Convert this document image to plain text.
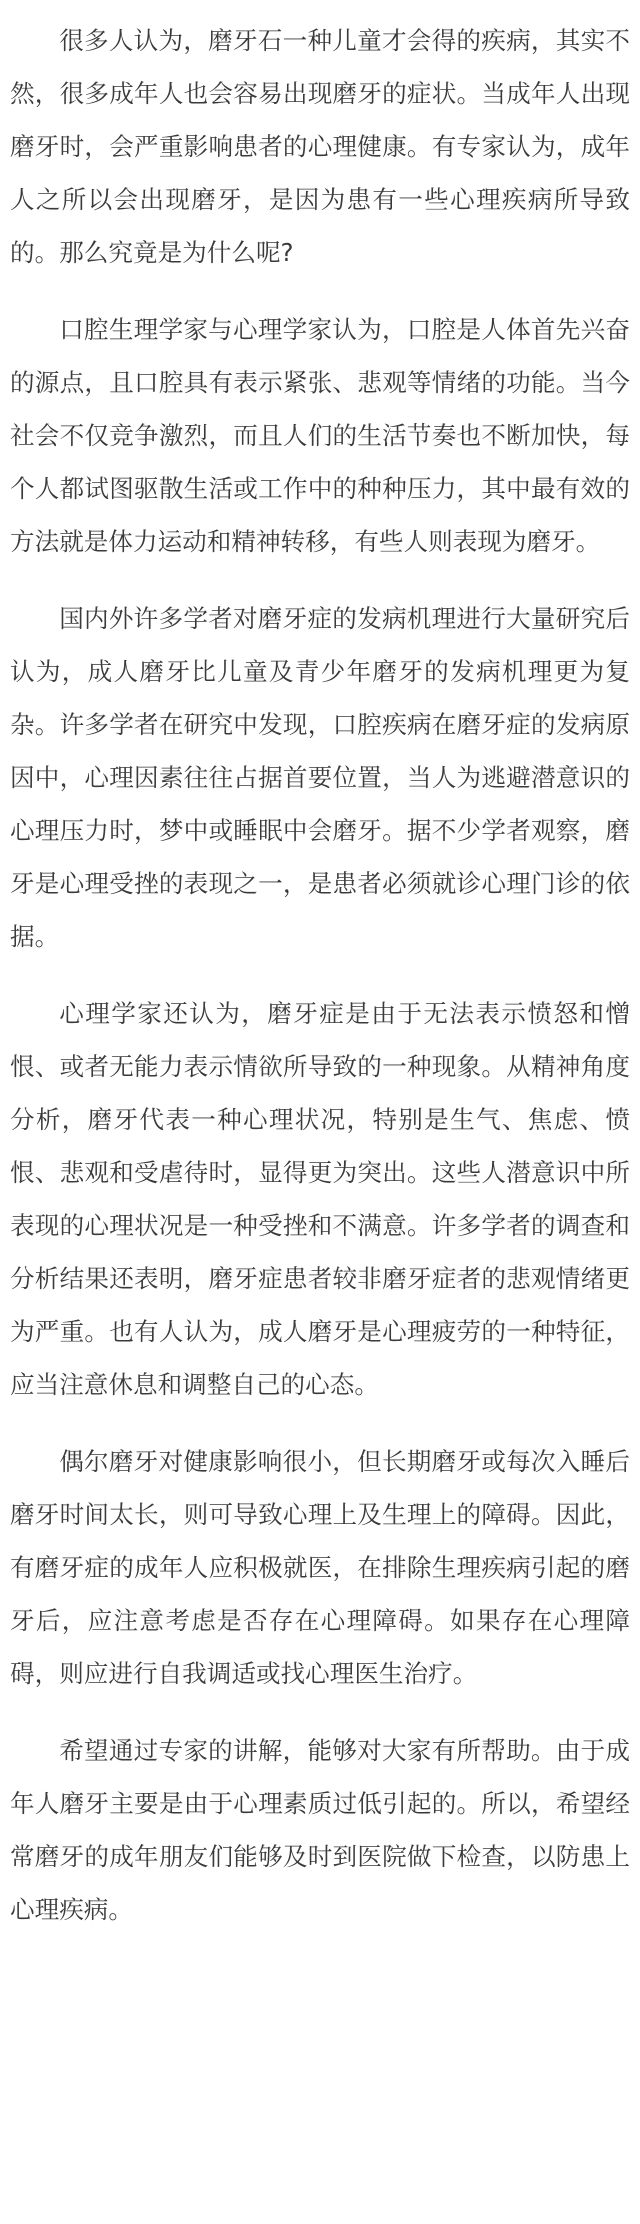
很多人认为，磨牙石一种儿童才会得的疾病，其实不然，很多成年人也会容易出现磨牙的症状。当成年人出现磨牙时，会严重影响患者的心理健康。有专家认为，成年人之所以会出现磨牙，是因为患有一些心理疾病所导致的。那么究竟是为什么呢?

口腔生理学家与心理学家认为，口腔是人体首先兴奋的源点，且口腔具有表示紧张、悲观等情绪的功能。当今社会不仅竞争激烈，而且人们的生活节奏也不断加快，每个人都试图驱散生活或工作中的种种压力，其中最有效的方法就是体力运动和精神转移，有些人则表现为磨牙。

国内外许多学者对磨牙症的发病机理进行大量研究后认为，成人磨牙比儿童及青少年磨牙的发病机理更为复杂。许多学者在研究中发现，口腔疾病在磨牙症的发病原因中，心理因素往往占据首要位置，当人为逃避潜意识的心理压力时，梦中或睡眠中会磨牙。据不少学者观察，磨牙是心理受挫的表现之一，是患者必须就诊心理门诊的依据。

心理学家还认为，磨牙症是由于无法表示愤怒和憎恨、或者无能力表示情欲所导致的一种现象。从精神角度分析，磨牙代表一种心理状况，特别是生气、焦虑、愤恨、悲观和受虐待时，显得更为突出。这些人潜意识中所表现的心理状况是一种受挫和不满意。许多学者的调查和分析结果还表明，磨牙症患者较非磨牙症者的悲观情绪更为严重。也有人认为，成人磨牙是心理疲劳的一种特征，应当注意休息和调整自己的心态。

偶尔磨牙对健康影响很小，但长期磨牙或每次入睡后磨牙时间太长，则可导致心理上及生理上的障碍。因此，有磨牙症的成年人应积极就医，在排除生理疾病引起的磨牙后，应注意考虑是否存在心理障碍。如果存在心理障碍，则应进行自我调适或找心理医生治疗。

希望通过专家的讲解，能够对大家有所帮助。由于成年人磨牙主要是由于心理素质过低引起的。所以，希望经常磨牙的成年朋友们能够及时到医院做下检查，以防患上心理疾病。
